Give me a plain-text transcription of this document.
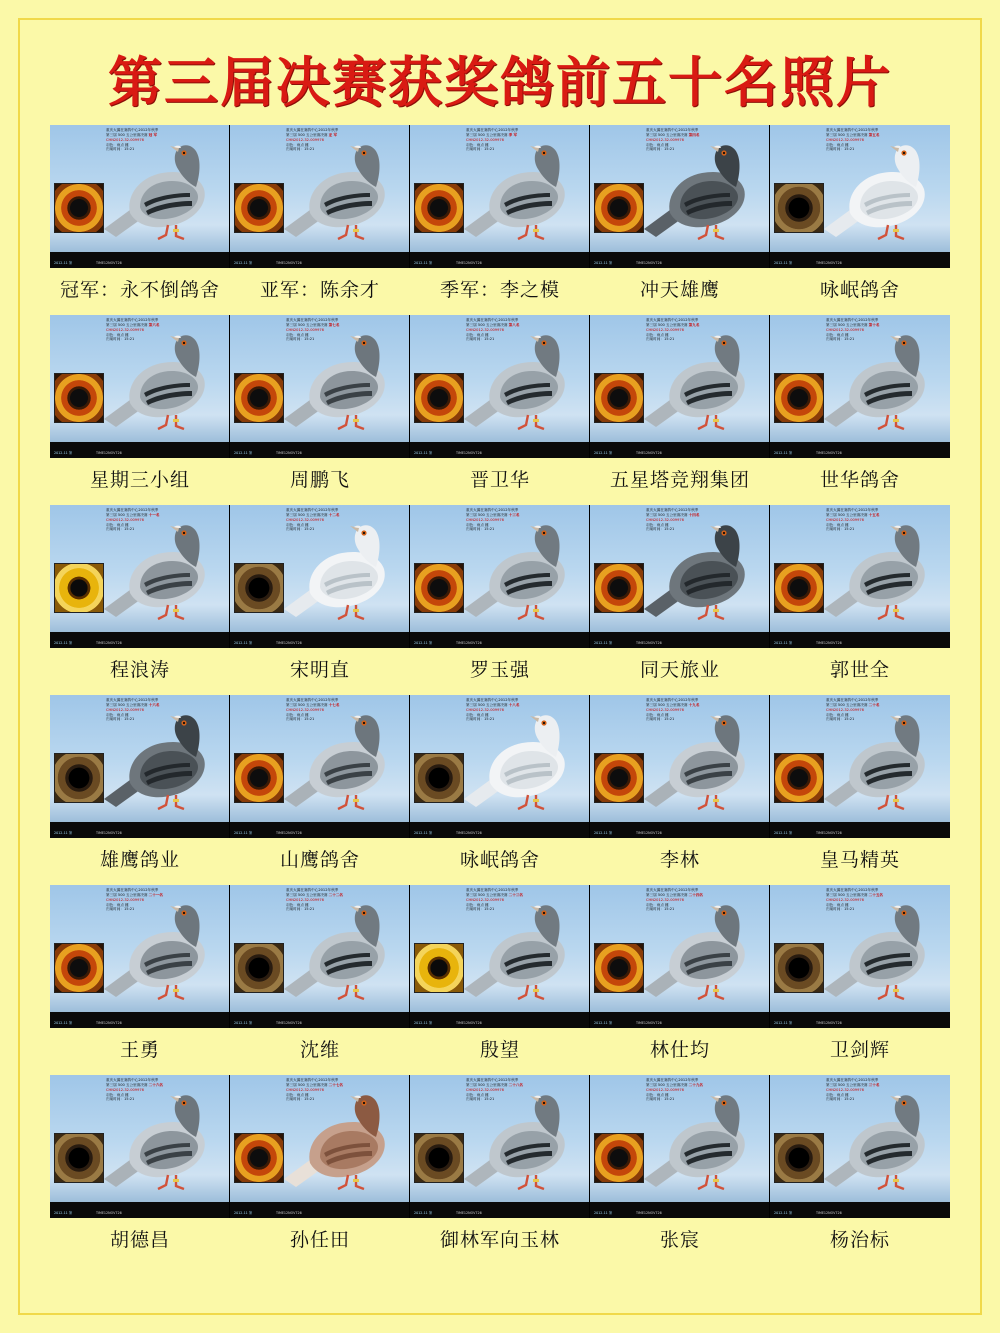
第三届决赛获奖鸽前五十名照片
重庆大翼狂赛鸽中心2012年秋季
第三届 500 五公里赛决赛 冠 军
CHN2012-32-009976
羽色：雨点 雌
归巢时间：15:21
2012-11 第	TIME12NOV726
重庆大翼狂赛鸽中心2012年秋季
第三届 500 五公里赛决赛 亚 军
CHN2012-32-009976
羽色：雨点 雌
归巢时间：15:21
2012-11 第	TIME12NOV726
重庆大翼狂赛鸽中心2012年秋季
第三届 500 五公里赛决赛 季 军
CHN2012-32-009976
羽色：雨点 雌
归巢时间：15:21
2012-11 第	TIME12NOV726
重庆大翼狂赛鸽中心2012年秋季
第三届 500 五公里赛决赛 第四名
CHN2012-32-009976
羽色：雨点 雌
归巢时间：15:21
2012-11 第	TIME12NOV726
重庆大翼狂赛鸽中心2012年秋季
第三届 500 五公里赛决赛 第五名
CHN2012-32-009976
羽色：雨点 雌
归巢时间：15:21
2012-11 第	TIME12NOV726
冠军：永不倒鸽舍	亚军：陈余才	季军：李之模	冲天雄鹰	咏岷鸽舍
重庆大翼狂赛鸽中心2012年秋季
第三届 500 五公里赛决赛 第六名
CHN2012-32-009976
羽色：雨点 雌
归巢时间：15:21
2012-11 第	TIME12NOV726
重庆大翼狂赛鸽中心2012年秋季
第三届 500 五公里赛决赛 第七名
CHN2012-32-009976
羽色：雨点 雌
归巢时间：15:21
2012-11 第	TIME12NOV726
重庆大翼狂赛鸽中心2012年秋季
第三届 500 五公里赛决赛 第八名
CHN2012-32-009976
羽色：雨点 雌
归巢时间：15:21
2012-11 第	TIME12NOV726
重庆大翼狂赛鸽中心2012年秋季
第三届 500 五公里赛决赛 第九名
CHN2012-32-009976
羽色：雨点 雌
归巢时间：15:21
2012-11 第	TIME12NOV726
重庆大翼狂赛鸽中心2012年秋季
第三届 500 五公里赛决赛 第十名
CHN2012-32-009976
羽色：雨点 雌
归巢时间：15:21
2012-11 第	TIME12NOV726
星期三小组	周鹏飞	晋卫华	五星塔竞翔集团	世华鸽舍
重庆大翼狂赛鸽中心2012年秋季
第三届 500 五公里赛决赛 十一名
CHN2012-32-009976
羽色：雨点 雌
归巢时间：15:21
2012-11 第	TIME12NOV726
重庆大翼狂赛鸽中心2012年秋季
第三届 500 五公里赛决赛 十二名
CHN2012-32-009976
羽色：雨点 雌
归巢时间：15:21
2012-11 第	TIME12NOV726
重庆大翼狂赛鸽中心2012年秋季
第三届 500 五公里赛决赛 十三名
CHN2012-32-009976
羽色：雨点 雌
归巢时间：15:21
2012-11 第	TIME12NOV726
重庆大翼狂赛鸽中心2012年秋季
第三届 500 五公里赛决赛 十四名
CHN2012-32-009976
羽色：雨点 雌
归巢时间：15:21
2012-11 第	TIME12NOV726
重庆大翼狂赛鸽中心2012年秋季
第三届 500 五公里赛决赛 十五名
CHN2012-32-009976
羽色：雨点 雌
归巢时间：15:21
2012-11 第	TIME12NOV726
程浪涛	宋明直	罗玉强	同天旅业	郭世全
重庆大翼狂赛鸽中心2012年秋季
第三届 500 五公里赛决赛 十六名
CHN2012-32-009976
羽色：雨点 雌
归巢时间：15:21
2012-11 第	TIME12NOV726
重庆大翼狂赛鸽中心2012年秋季
第三届 500 五公里赛决赛 十七名
CHN2012-32-009976
羽色：雨点 雌
归巢时间：15:21
2012-11 第	TIME12NOV726
重庆大翼狂赛鸽中心2012年秋季
第三届 500 五公里赛决赛 十八名
CHN2012-32-009976
羽色：雨点 雌
归巢时间：15:21
2012-11 第	TIME12NOV726
重庆大翼狂赛鸽中心2012年秋季
第三届 500 五公里赛决赛 十九名
CHN2012-32-009976
羽色：雨点 雌
归巢时间：15:21
2012-11 第	TIME12NOV726
重庆大翼狂赛鸽中心2012年秋季
第三届 500 五公里赛决赛 二十名
CHN2012-32-009976
羽色：雨点 雌
归巢时间：15:21
2012-11 第	TIME12NOV726
雄鹰鸽业	山鹰鸽舍	咏岷鸽舍	李林	皇马精英
重庆大翼狂赛鸽中心2012年秋季
第三届 500 五公里赛决赛 二十一名
CHN2012-32-009976
羽色：雨点 雌
归巢时间：15:21
2012-11 第	TIME12NOV726
重庆大翼狂赛鸽中心2012年秋季
第三届 500 五公里赛决赛 二十二名
CHN2012-32-009976
羽色：雨点 雌
归巢时间：15:21
2012-11 第	TIME12NOV726
重庆大翼狂赛鸽中心2012年秋季
第三届 500 五公里赛决赛 二十三名
CHN2012-32-009976
羽色：雨点 雌
归巢时间：15:21
2012-11 第	TIME12NOV726
重庆大翼狂赛鸽中心2012年秋季
第三届 500 五公里赛决赛 二十四名
CHN2012-32-009976
羽色：雨点 雌
归巢时间：15:21
2012-11 第	TIME12NOV726
重庆大翼狂赛鸽中心2012年秋季
第三届 500 五公里赛决赛 二十五名
CHN2012-32-009976
羽色：雨点 雌
归巢时间：15:21
2012-11 第	TIME12NOV726
王勇	沈维	殷望	林仕均	卫剑辉
重庆大翼狂赛鸽中心2012年秋季
第三届 500 五公里赛决赛 二十六名
CHN2012-32-009976
羽色：雨点 雌
归巢时间：15:21
2012-11 第	TIME12NOV726
重庆大翼狂赛鸽中心2012年秋季
第三届 500 五公里赛决赛 二十七名
CHN2012-32-009976
羽色：雨点 雌
归巢时间：15:21
2012-11 第	TIME12NOV726
重庆大翼狂赛鸽中心2012年秋季
第三届 500 五公里赛决赛 二十八名
CHN2012-32-009976
羽色：雨点 雌
归巢时间：15:21
2012-11 第	TIME12NOV726
重庆大翼狂赛鸽中心2012年秋季
第三届 500 五公里赛决赛 二十九名
CHN2012-32-009976
羽色：雨点 雌
归巢时间：15:21
2012-11 第	TIME12NOV726
重庆大翼狂赛鸽中心2012年秋季
第三届 500 五公里赛决赛 三十名
CHN2012-32-009976
羽色：雨点 雌
归巢时间：15:21
2012-11 第	TIME12NOV726
胡德昌	孙任田	御林军向玉林	张宸	杨治标
